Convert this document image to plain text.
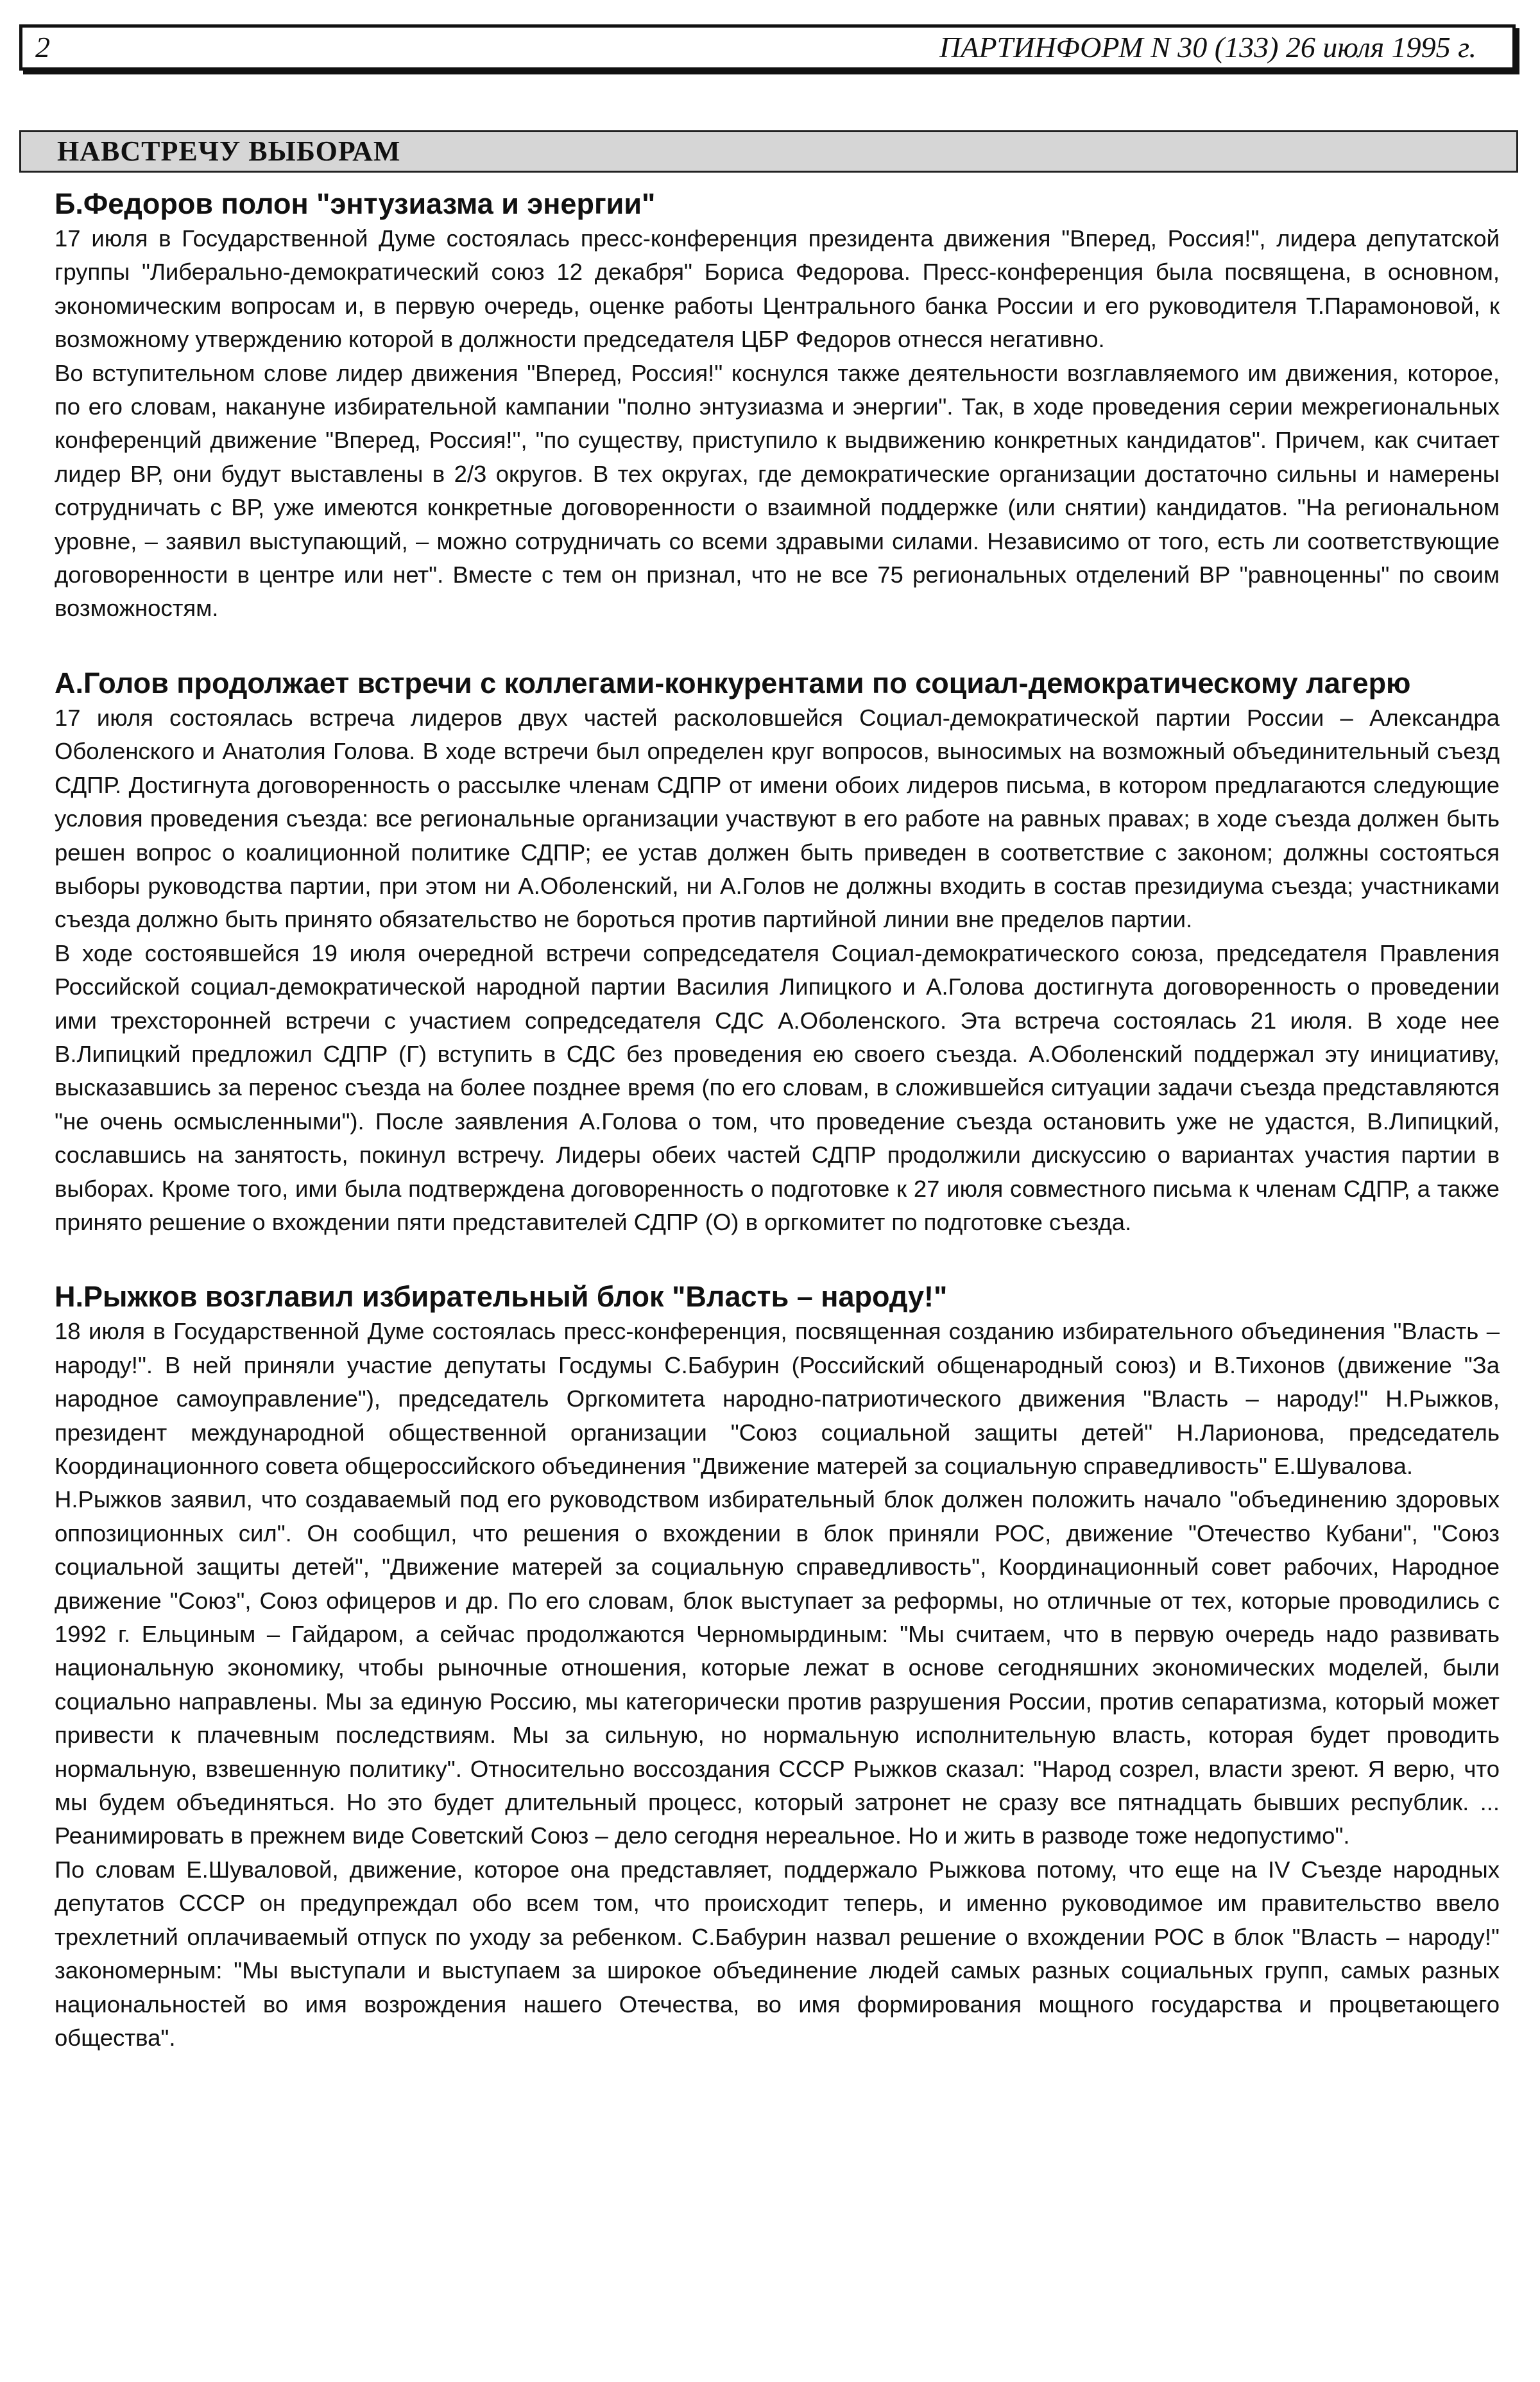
2	ПАРТИНФОРМ N 30 (133) 26 июля 1995 г.
НАВСТРЕЧУ ВЫБОРАМ
Б.Федоров полон "энтузиазма и энергии"

17 июля в Государственной Думе состоялась пресс-конференция президента движения "Вперед, Россия!", лидера депутатской группы "Либерально-демократический союз 12 декабря" Бориса Федорова. Пресс-конференция была посвящена, в основном, экономическим вопросам и, в первую очередь, оценке работы Центрального банка России и его руководителя Т.Парамоновой, к возможному утверждению которой в должности председателя ЦБР Федоров отнесся негативно.

Во вступительном слове лидер движения "Вперед, Россия!" коснулся также деятельности возглавляемого им движения, которое, по его словам, накануне избирательной кампании "полно энтузиазма и энергии". Так, в ходе проведения серии межрегиональных конференций движение "Вперед, Россия!", "по существу, приступило к выдвижению конкретных кандидатов". Причем, как считает лидер ВР, они будут выставлены в 2/3 округов. В тех округах, где демократические организации достаточно сильны и намерены сотрудничать с ВР, уже имеются конкретные договоренности о взаимной поддержке (или снятии) кандидатов. "На региональном уровне, – заявил выступающий, – можно сотрудничать со всеми здравыми силами. Независимо от того, есть ли соответствующие договоренности в центре или нет". Вместе с тем он признал, что не все 75 региональных отделений ВР "равноценны" по своим возможностям.

А.Голов продолжает встречи с коллегами-конкурентами по социал-демократическому лагерю

17 июля состоялась встреча лидеров двух частей расколовшейся Социал-демократической партии России – Александра Оболенского и Анатолия Голова. В ходе встречи был определен круг вопросов, выносимых на возможный объединительный съезд СДПР. Достигнута договоренность о рассылке членам СДПР от имени обоих лидеров письма, в котором предлагаются следующие условия проведения съезда: все региональные организации участвуют в его работе на равных правах; в ходе съезда должен быть решен вопрос о коалиционной политике СДПР; ее устав должен быть приведен в соответствие с законом; должны состояться выборы руководства партии, при этом ни А.Оболенский, ни А.Голов не должны входить в состав президиума съезда; участниками съезда должно быть принято обязательство не бороться против партийной линии вне пределов партии.

В ходе состоявшейся 19 июля очередной встречи сопредседателя Социал-демократического союза, председателя Правления Российской социал-демократической народной партии Василия Липицкого и А.Голова достигнута договоренность о проведении ими трехсторонней встречи с участием сопредседателя СДС А.Оболенского. Эта встреча состоялась 21 июля. В ходе нее В.Липицкий предложил СДПР (Г) вступить в СДС без проведения ею своего съезда. А.Оболенский поддержал эту инициативу, высказавшись за перенос съезда на более позднее время (по его словам, в сложившейся ситуации задачи съезда представляются "не очень осмысленными"). После заявления А.Голова о том, что проведение съезда остановить уже не удастся, В.Липицкий, сославшись на занятость, покинул встречу. Лидеры обеих частей СДПР продолжили дискуссию о вариантах участия партии в выборах. Кроме того, ими была подтверждена договоренность о подготовке к 27 июля совместного письма к членам СДПР, а также принято решение о вхождении пяти представителей СДПР (О) в оргкомитет по подготовке съезда.

Н.Рыжков возглавил избирательный блок "Власть – народу!"

18 июля в Государственной Думе состоялась пресс-конференция, посвященная созданию избирательного объединения "Власть – народу!". В ней приняли участие депутаты Госдумы С.Бабурин (Российский общенародный союз) и В.Тихонов (движение "За народное самоуправление"), председатель Оргкомитета народно-патриотического движения "Власть – народу!" Н.Рыжков, президент международной общественной организации "Союз социальной защиты детей" Н.Ларионова, председатель Координационного совета общероссийского объединения "Движение матерей за социальную справедливость" Е.Шувалова.

Н.Рыжков заявил, что создаваемый под его руководством избирательный блок должен положить начало "объединению здоровых оппозиционных сил". Он сообщил, что решения о вхождении в блок приняли РОС, движение "Отечество Кубани", "Союз социальной защиты детей", "Движение матерей за социальную справедливость", Координационный совет рабочих, Народное движение "Союз", Союз офицеров и др. По его словам, блок выступает за реформы, но отличные от тех, которые проводились с 1992 г. Ельциным – Гайдаром, а сейчас продолжаются Черномырдиным: "Мы считаем, что в первую очередь надо развивать национальную экономику, чтобы рыночные отношения, которые лежат в основе сегодняшних экономических моделей, были социально направлены. Мы за единую Россию, мы категорически против разрушения России, против сепаратизма, который может привести к плачевным последствиям. Мы за сильную, но нормальную исполнительную власть, которая будет проводить нормальную, взвешенную политику". Относительно воссоздания СССР Рыжков сказал: "Народ созрел, власти зреют. Я верю, что мы будем объединяться. Но это будет длительный процесс, который затронет не сразу все пятнадцать бывших республик. ... Реанимировать в прежнем виде Советский Союз – дело сегодня нереальное. Но и жить в разводе тоже недопустимо".

По словам Е.Шуваловой, движение, которое она представляет, поддержало Рыжкова потому, что еще на IV Съезде народных депутатов СССР он предупреждал обо всем том, что происходит теперь, и именно руководимое им правительство ввело трехлетний оплачиваемый отпуск по уходу за ребенком. С.Бабурин назвал решение о вхождении РОС в блок "Власть – народу!" закономерным: "Мы выступали и выступаем за широкое объединение людей самых разных социальных групп, самых разных национальностей во имя возрождения нашего Отечества, во имя формирования мощного государства и процветающего общества".
